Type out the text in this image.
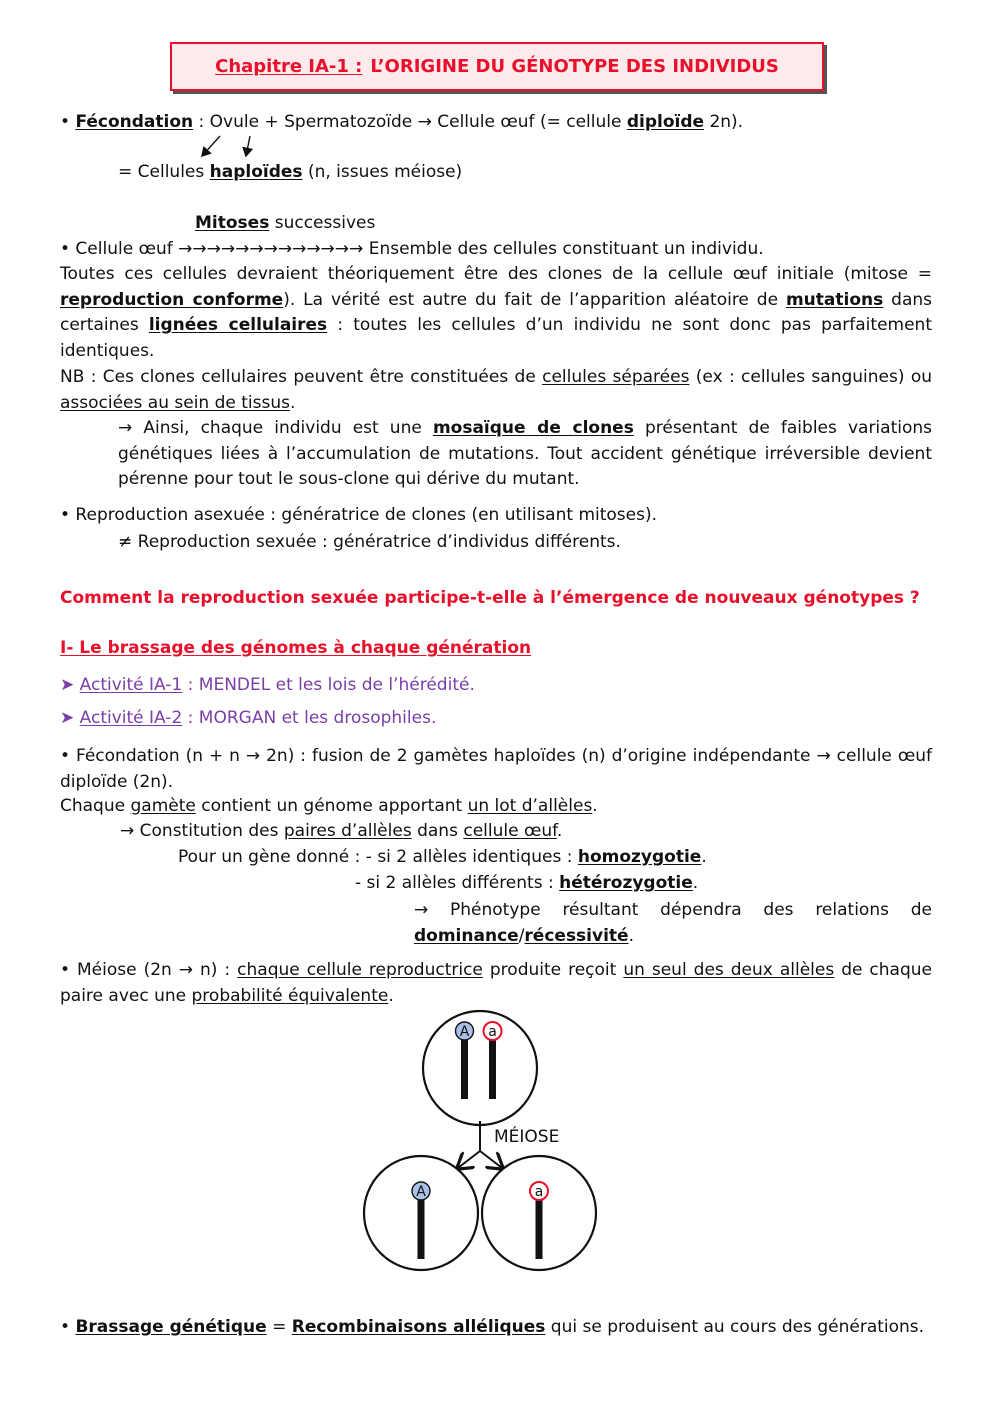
Chapitre IA-1 : L’ORIGINE DU GÉNOTYPE DES INDIVIDUS
• Fécondation : Ovule + Spermatozoïde → Cellule œuf (= cellule diploïde 2n).
= Cellules haploïdes (n, issues méiose)
Mitoses successives
• Cellule œuf →→→→→→→→→→→→→ Ensemble des cellules constituant un individu.
Toutes ces cellules devraient théoriquement être des clones de la cellule œuf initiale (mitose = reproduction conforme). La vérité est autre du fait de l’apparition aléatoire de mutations dans certaines lignées cellulaires : toutes les cellules d’un individu ne sont donc pas parfaitement identiques.
NB : Ces clones cellulaires peuvent être constituées de cellules séparées (ex : cellules sanguines) ou associées au sein de tissus.
→ Ainsi, chaque individu est une mosaïque de clones présentant de faibles variations génétiques liées à l’accumulation de mutations. Tout accident génétique irréversible devient pérenne pour tout le sous-clone qui dérive du mutant.
• Reproduction asexuée : génératrice de clones (en utilisant mitoses).
≠ Reproduction sexuée : génératrice d’individus différents.
Comment la reproduction sexuée participe-t-elle à l’émergence de nouveaux génotypes ?
I- Le brassage des génomes à chaque génération
➤ Activité IA-1 : MENDEL et les lois de l’hérédité.
➤ Activité IA-2 : MORGAN et les drosophiles.
• Fécondation (n + n → 2n) : fusion de 2 gamètes haploïdes (n) d’origine indépendante → cellule œuf diploïde (2n).
Chaque gamète contient un génome apportant un lot d’allèles.
→ Constitution des paires d’allèles dans cellule œuf.
Pour un gène donné : - si 2 allèles identiques : homozygotie.
- si 2 allèles différents : hétérozygotie.
→ Phénotype résultant dépendra des relations de dominance/récessivité.
• Méiose (2n → n) : chaque cellule reproductrice produite reçoit un seul des deux allèles de chaque paire avec une probabilité équivalente.
A a
MÉIOSE
A	a
• Brassage génétique = Recombinaisons alléliques qui se produisent au cours des générations.
